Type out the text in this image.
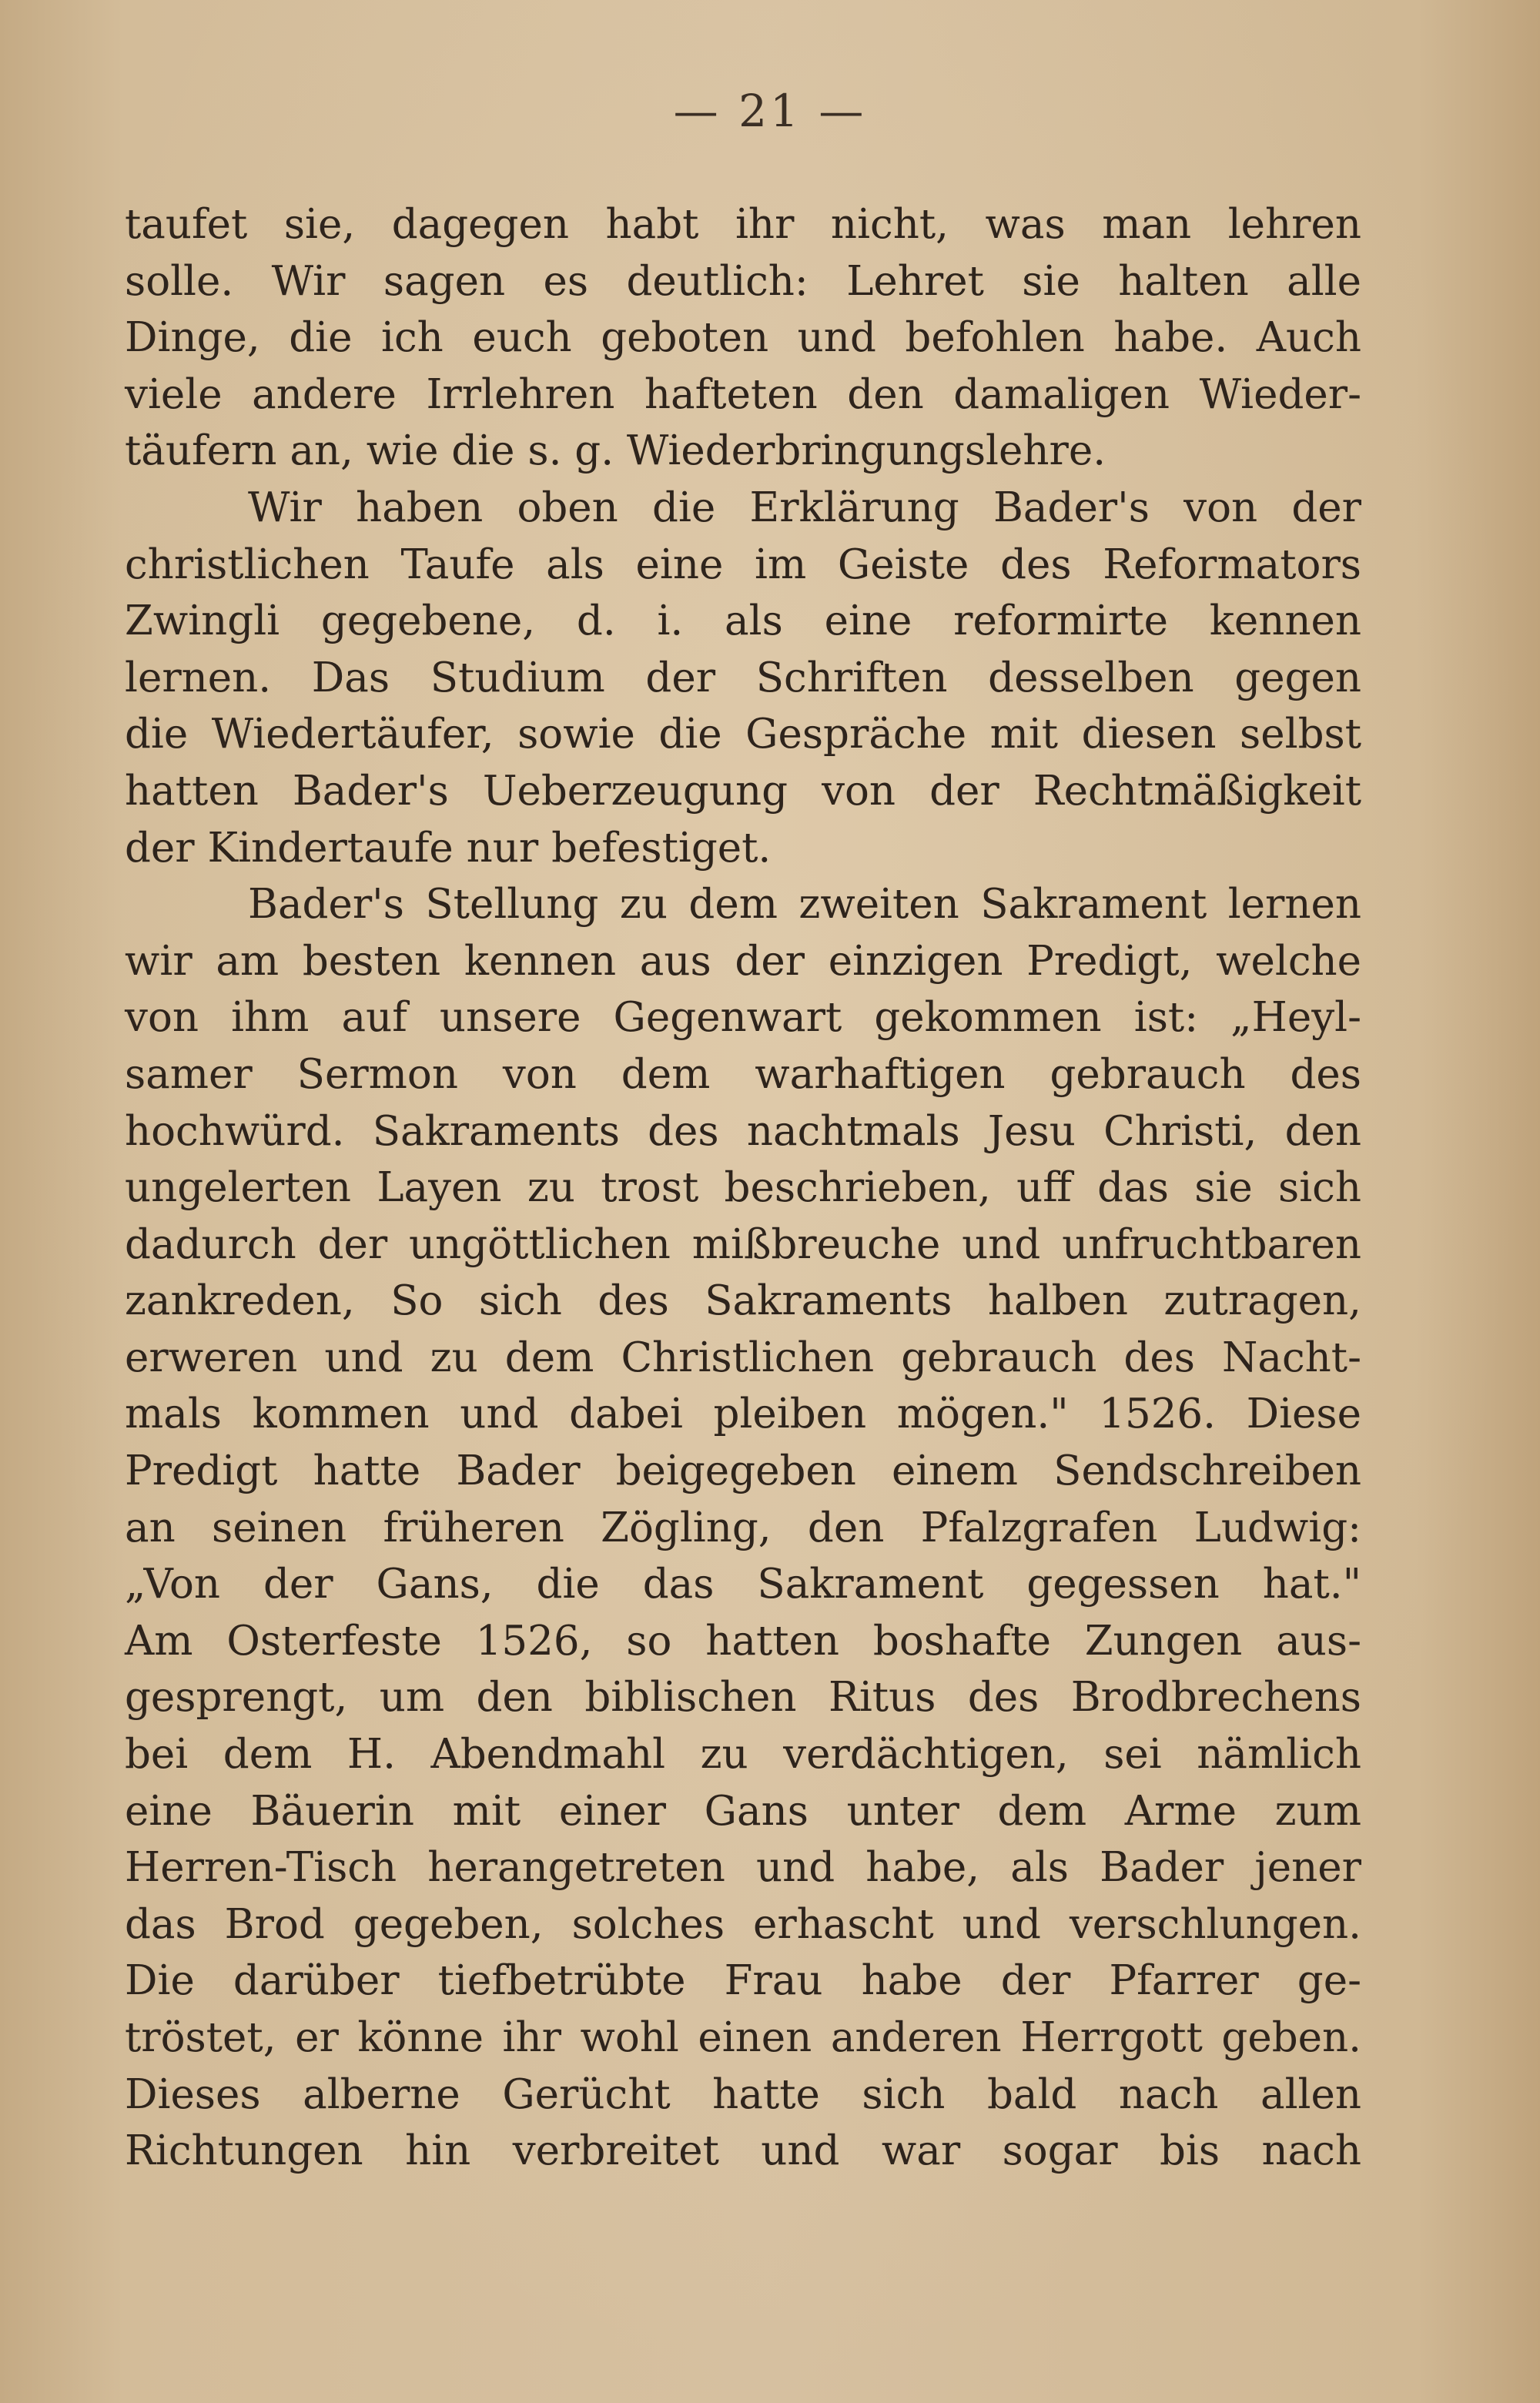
— 21 —
taufet sie, dagegen habt ihr nicht, was man lehren
solle. Wir sagen es deutlich: Lehret sie halten alle
Dinge, die ich euch geboten und befohlen habe. Auch
viele andere Irrlehren hafteten den damaligen Wieder-
täufern an, wie die s. g. Wiederbringungslehre.
Wir haben oben die Erklärung Bader's von der
christlichen Taufe als eine im Geiste des Reformators
Zwingli gegebene, d. i. als eine reformirte kennen
lernen. Das Studium der Schriften desselben gegen
die Wiedertäufer, sowie die Gespräche mit diesen selbst
hatten Bader's Ueberzeugung von der Rechtmäßigkeit
der Kindertaufe nur befestiget.
Bader's Stellung zu dem zweiten Sakrament lernen
wir am besten kennen aus der einzigen Predigt, welche
von ihm auf unsere Gegenwart gekommen ist: „Heyl-
samer Sermon von dem warhaftigen gebrauch des
hochwürd. Sakraments des nachtmals Jesu Christi, den
ungelerten Layen zu trost beschrieben, uff das sie sich
dadurch der ungöttlichen mißbreuche und unfruchtbaren
zankreden, So sich des Sakraments halben zutragen,
erweren und zu dem Christlichen gebrauch des Nacht-
mals kommen und dabei pleiben mögen." 1526. Diese
Predigt hatte Bader beigegeben einem Sendschreiben
an seinen früheren Zögling, den Pfalzgrafen Ludwig:
„Von der Gans, die das Sakrament gegessen hat."
Am Osterfeste 1526, so hatten boshafte Zungen aus-
gesprengt, um den biblischen Ritus des Brodbrechens
bei dem H. Abendmahl zu verdächtigen, sei nämlich
eine Bäuerin mit einer Gans unter dem Arme zum
Herren-Tisch herangetreten und habe, als Bader jener
das Brod gegeben, solches erhascht und verschlungen.
Die darüber tiefbetrübte Frau habe der Pfarrer ge-
tröstet, er könne ihr wohl einen anderen Herrgott geben.
Dieses alberne Gerücht hatte sich bald nach allen
Richtungen hin verbreitet und war sogar bis nach
